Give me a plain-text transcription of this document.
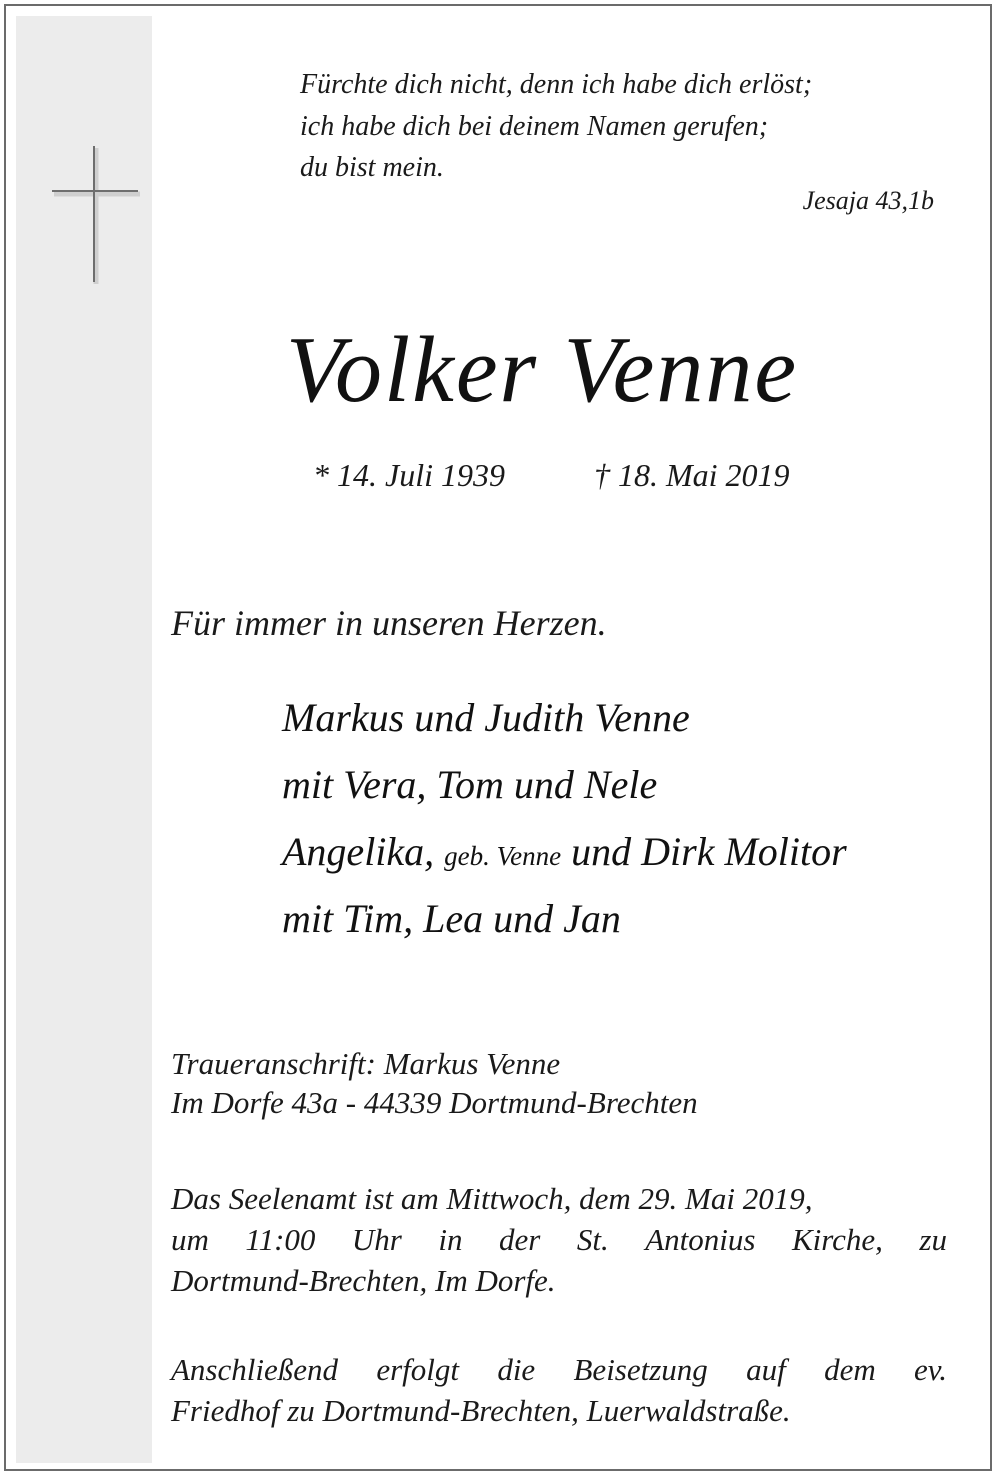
Fürchte dich nicht, denn ich habe dich erlöst;
ich habe dich bei deinem Namen gerufen;
du bist mein.
Jesaja 43,1b
Volker Venne
* 14. Juli 1939	† 18. Mai 2019
Für immer in unseren Herzen.
Markus und Judith Venne
mit Vera, Tom und Nele
Angelika, geb. Venne und Dirk Molitor
mit Tim, Lea und Jan
Traueranschrift: Markus Venne
Im Dorfe 43a - 44339 Dortmund-Brechten
Das Seelenamt ist am Mittwoch, dem 29. Mai 2019,
um 11:00 Uhr in der St. Antonius Kirche, zu
Dortmund-Brechten, Im Dorfe.
Anschließend erfolgt die Beisetzung auf dem ev.
Friedhof zu Dortmund-Brechten, Luerwaldstraße.
